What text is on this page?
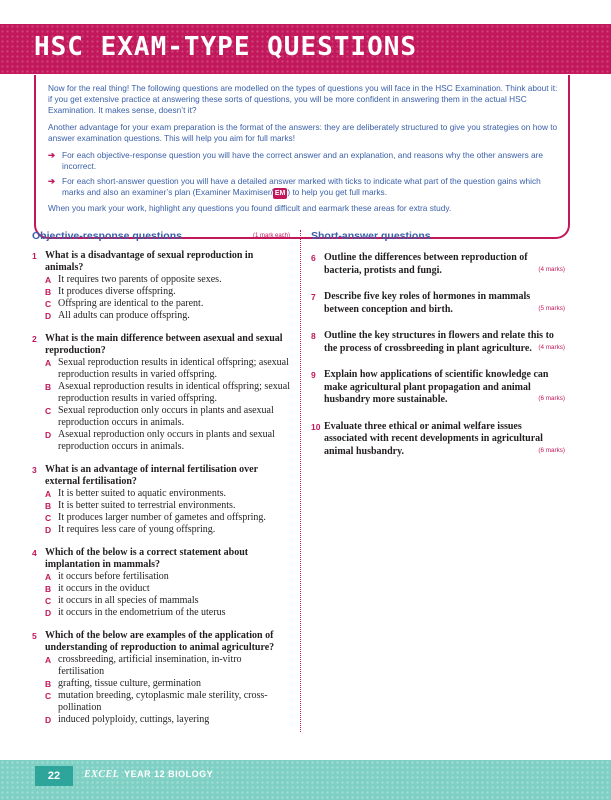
HSC EXAM-TYPE QUESTIONS

Now for the real thing! The following questions are modelled on the types of questions you will face in the HSC Examination. Think about it: if you get extensive practice at answering these sorts of questions, you will be more confident in answering them in the actual HSC Examination. It makes sense, doesn’t it?

Another advantage for your exam preparation is the format of the answers: they are deliberately structured to give you strategies on how to answer examination questions. This will help you aim for full marks!

➔ For each objective-response question you will have the correct answer and an explanation, and reasons why the other answers are incorrect.
➔ For each short-answer question you will have a detailed answer marked with ticks to indicate what part of the question gains which marks and also an examiner’s plan (Examiner Maximiser/ EM ) to help you get full marks.

When you mark your work, highlight any questions you found difficult and earmark these areas for extra study.

Objective-response questions	(1 mark each)
1 What is a disadvantage of sexual reproduction in animals?
A It requires two parents of opposite sexes.
B It produces diverse offspring.
C Offspring are identical to the parent.
D All adults can produce offspring.
2 What is the main difference between asexual and sexual reproduction?
A Sexual reproduction results in identical offspring; asexual reproduction results in varied offspring.
B Asexual reproduction results in identical offspring; sexual reproduction results in varied offspring.
C Sexual reproduction only occurs in plants and asexual reproduction occurs in animals.
D Asexual reproduction only occurs in plants and sexual reproduction occurs in animals.
3 What is an advantage of internal fertilisation over external fertilisation?
A It is better suited to aquatic environments.
B It is better suited to terrestrial environments.
C It produces larger number of gametes and offspring.
D It requires less care of young offspring.
4 Which of the below is a correct statement about implantation in mammals?
A it occurs before fertilisation
B it occurs in the oviduct
C it occurs in all species of mammals
D it occurs in the endometrium of the uterus
5 Which of the below are examples of the application of understanding of reproduction to animal agriculture?
A crossbreeding, artificial insemination, in-vitro fertilisation
B grafting, tissue culture, germination
C mutation breeding, cytoplasmic male sterility, cross-pollination
D induced polyploidy, cuttings, layering
Short-answer questions
6 Outline the differences between reproduction of bacteria, protists and fungi.	(4 marks)
7 Describe five key roles of hormones in mammals between conception and birth.	(5 marks)
8 Outline the key structures in flowers and relate this to the process of crossbreeding in plant agriculture.	(4 marks)
9 Explain how applications of scientific knowledge can make agricultural plant propagation and animal husbandry more sustainable.	(6 marks)
10 Evaluate three ethical or animal welfare issues associated with recent developments in agricultural animal husbandry.	(6 marks)
22	EXCEL YEAR 12 BIOLOGY
